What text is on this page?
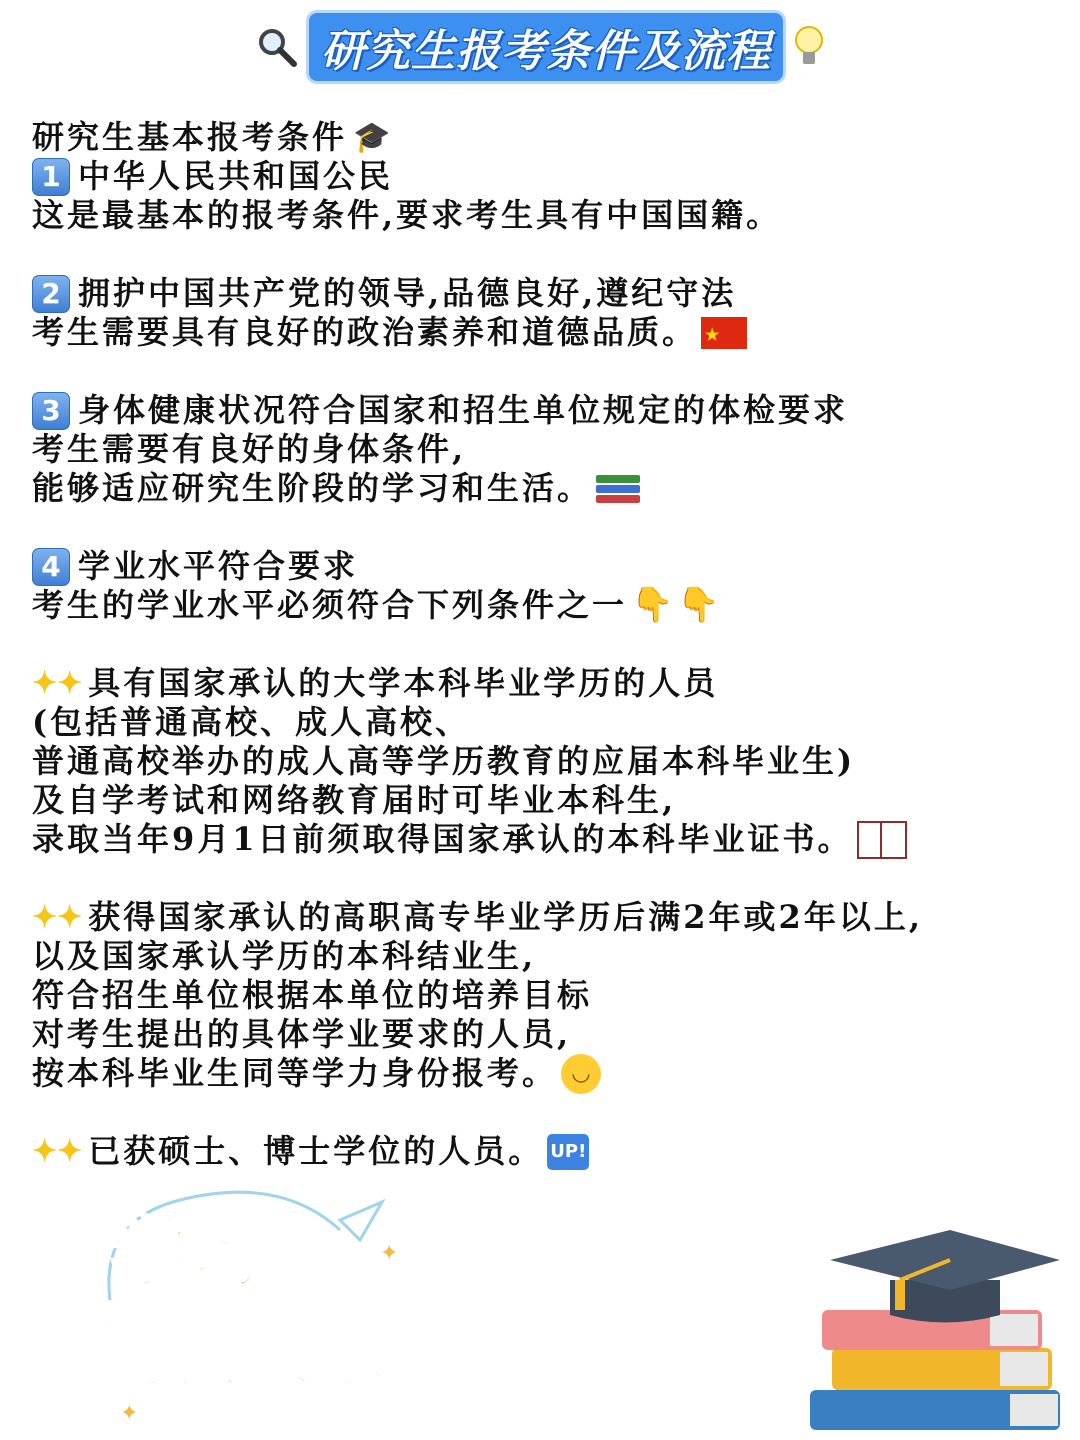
研究生报考条件及流程
研究生基本报考条件 🎓
1 中华人民共和国公民
这是最基本的报考条件,要求考生具有中国国籍。
2 拥护中国共产党的领导,品德良好,遵纪守法
考生需要具有良好的政治素养和道德品质。
★
3 身体健康状况符合国家和招生单位规定的体检要求
考生需要有良好的身体条件,
能够适应研究生阶段的学习和生活。
4 学业水平符合要求
考生的学业水平必须符合下列条件之一 👇 👇
✦✦ 具有国家承认的大学本科毕业学历的人员
(包括普通高校、成人高校、
普通高校举办的成人高等学历教育的应届本科毕业生)
及自学考试和网络教育届时可毕业本科生,
录取当年9月1日前须取得国家承认的本科毕业证书。
✦✦ 获得国家承认的高职高专毕业学历后满2年或2年以上,
以及国家承认学历的本科结业生,
符合招生单位根据本单位的培养目标
对考生提出的具体学业要求的人员,
按本科毕业生同等学力身份报考。 ◡
✦✦ 已获硕士、博士学位的人员。 UP!
学习
使我快乐
✦
✦
